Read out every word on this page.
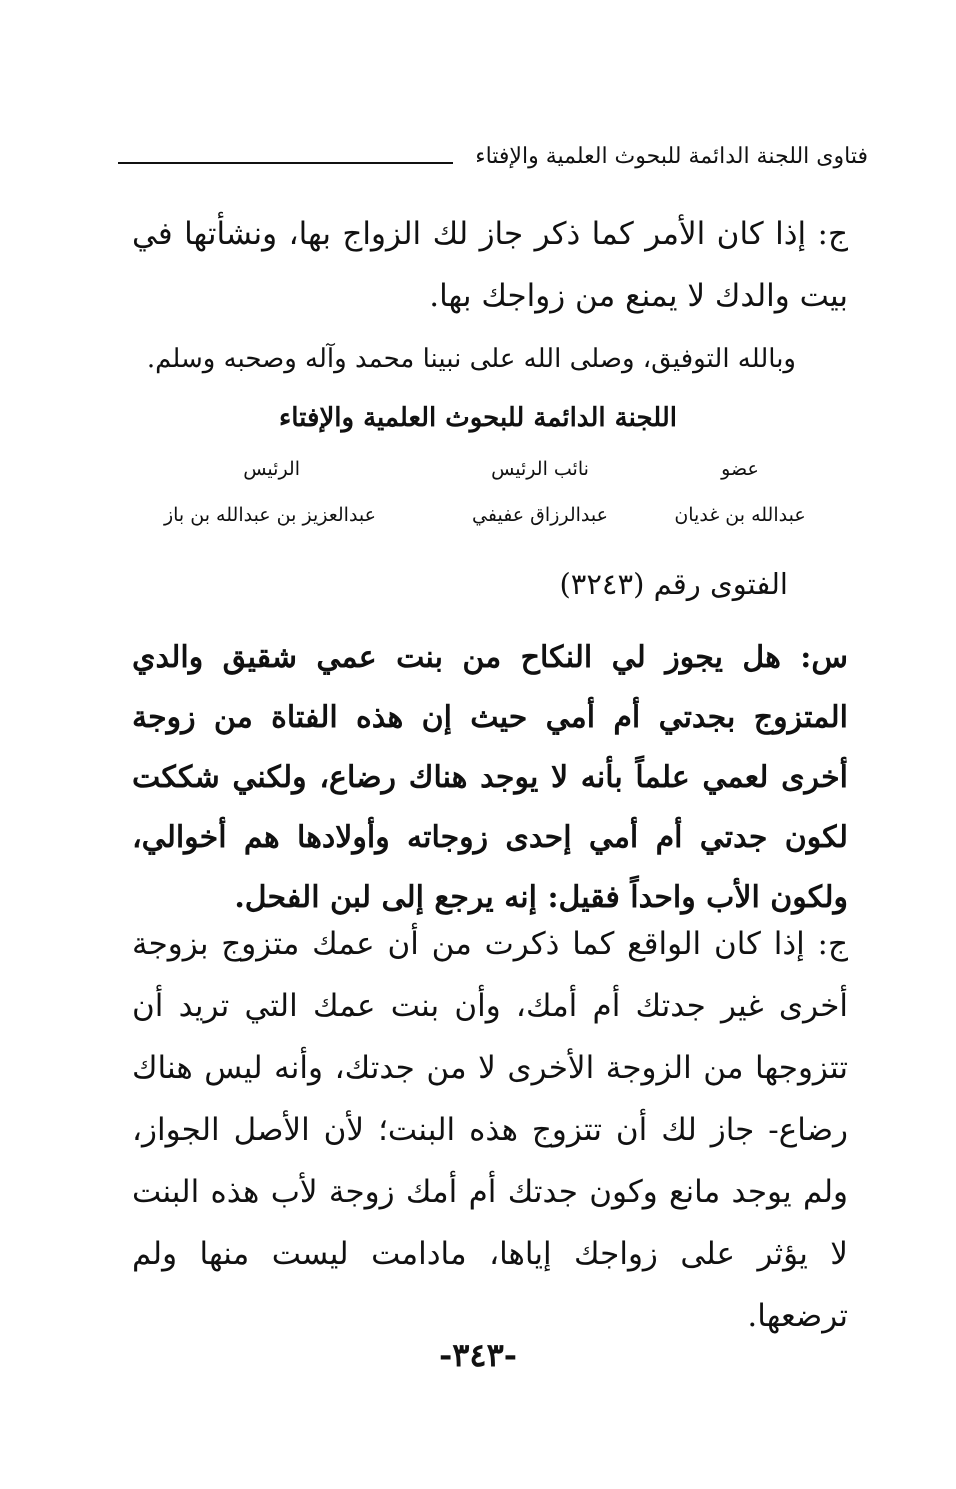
فتاوى اللجنة الدائمة للبحوث العلمية والإفتاء
ج: إذا كان الأمر كما ذكر جاز لك الزواج بها، ونشأتها في بيت والدك لا يمنع من زواجك بها.
وبالله التوفيق، وصلى الله على نبينا محمد وآله وصحبه وسلم.
اللجنة الدائمة للبحوث العلمية والإفتاء
عضو
عبدالله بن غديان
نائب الرئيس
عبدالرزاق عفيفي
الرئيس
عبدالعزيز بن عبدالله بن باز
الفتوى رقم (٣٢٤٣)
س: هل يجوز لي النكاح من بنت عمي شقيق والدي المتزوج بجدتي أم أمي حيث إن هذه الفتاة من زوجة أخرى لعمي علماً بأنه لا يوجد هناك رضاع، ولكني شككت لكون جدتي أم أمي إحدى زوجاته وأولادها هم أخوالي، ولكون الأب واحداً فقيل: إنه يرجع إلى لبن الفحل.
ج: إذا كان الواقع كما ذكرت من أن عمك متزوج بزوجة أخرى غير جدتك أم أمك، وأن بنت عمك التي تريد أن تتزوجها من الزوجة الأخرى لا من جدتك، وأنه ليس هناك رضاع- جاز لك أن تتزوج هذه البنت؛ لأن الأصل الجواز، ولم يوجد مانع وكون جدتك أم أمك زوجة لأب هذه البنت لا يؤثر على زواجك إياها، مادامت ليست منها ولم ترضعها.
-٣٤٣-
